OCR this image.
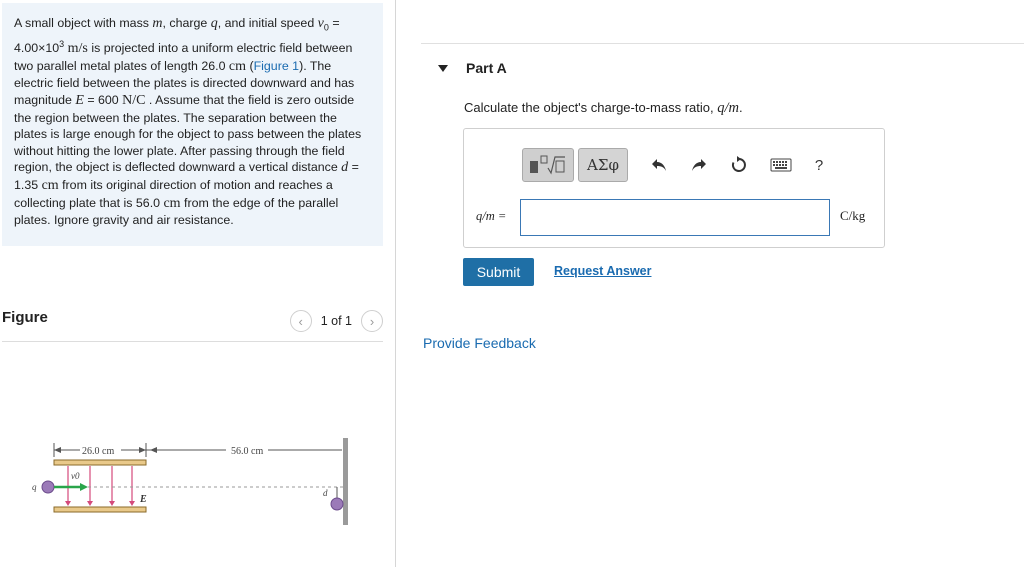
A small object with mass m, charge q, and initial speed $v_0 = 4.00\times 10^3$ m/s is projected into a uniform electric field between two parallel metal plates of length 26.0 cm (Figure 1). The electric field between the plates is directed downward and has magnitude E = 600 N/C . Assume that the field is zero outside the region between the plates. The separation between the plates is large enough for the object to pass between the plates without hitting the lower plate. After passing through the field region, the object is deflected downward a vertical distance d = 1.35 cm from its original direction of motion and reaches a collecting plate that is 56.0 cm from the edge of the parallel plates. Ignore gravity and air resistance.
Figure	‹	1 of 1	›
26.0 cm	56.0 cm
E
q
v0
d
Part A
Calculate the object's charge-to-mass ratio, q/m.
ΑΣφ	?
q/m =	C/kg
Submit	Request Answer
Provide Feedback
